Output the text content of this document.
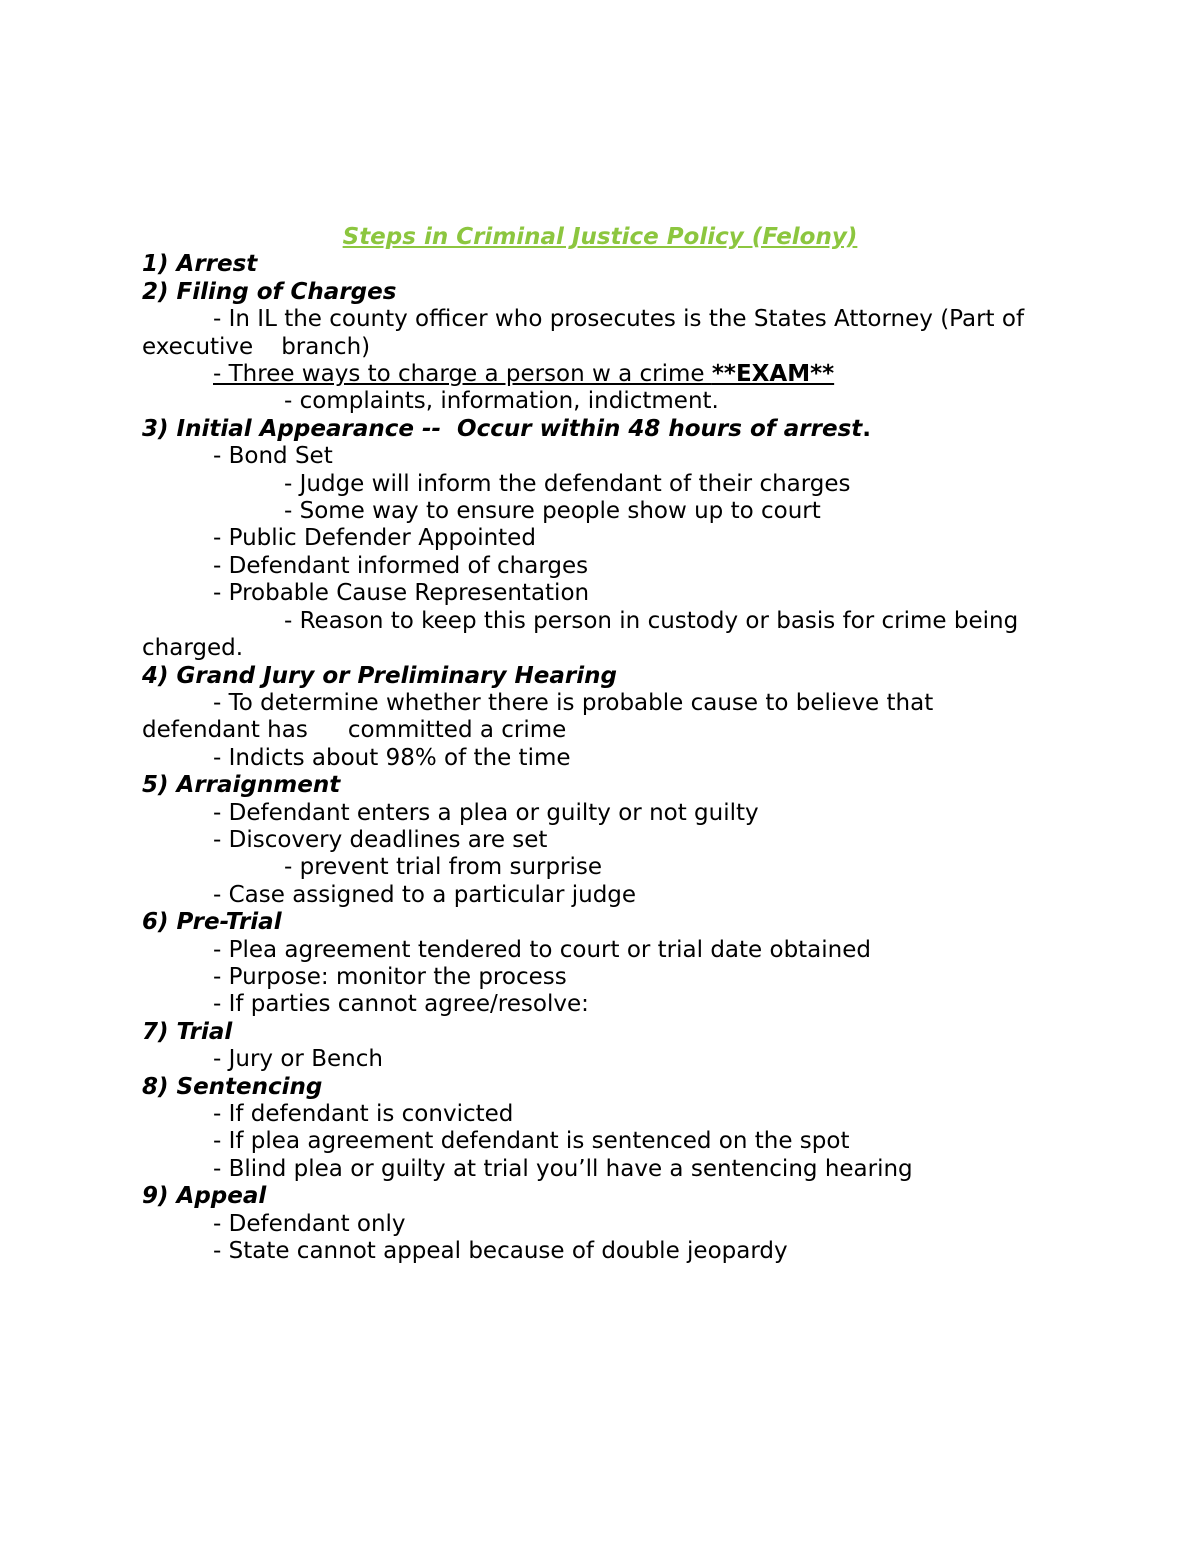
Steps in Criminal Justice Policy (Felony)
1) Arrest
2) Filing of Charges
- In IL the county officer who prosecutes is the States Attorney (Part of
executive branch)
- Three ways to charge a person w a crime **EXAM**
- complaints, information, indictment.
3) Initial Appearance --  Occur within 48 hours of arrest.
- Bond Set
- Judge will inform the defendant of their charges
- Some way to ensure people show up to court
- Public Defender Appointed
- Defendant informed of charges
- Probable Cause Representation
- Reason to keep this person in custody or basis for crime being
charged.
4) Grand Jury or Preliminary Hearing
- To determine whether there is probable cause to believe that
defendant has committed a crime
- Indicts about 98% of the time
5) Arraignment
- Defendant enters a plea or guilty or not guilty
- Discovery deadlines are set
- prevent trial from surprise
- Case assigned to a particular judge
6) Pre-Trial
- Plea agreement tendered to court or trial date obtained
- Purpose: monitor the process
- If parties cannot agree/resolve:
7) Trial
- Jury or Bench
8) Sentencing
- If defendant is convicted
- If plea agreement defendant is sentenced on the spot
- Blind plea or guilty at trial you’ll have a sentencing hearing
9) Appeal
- Defendant only
- State cannot appeal because of double jeopardy
